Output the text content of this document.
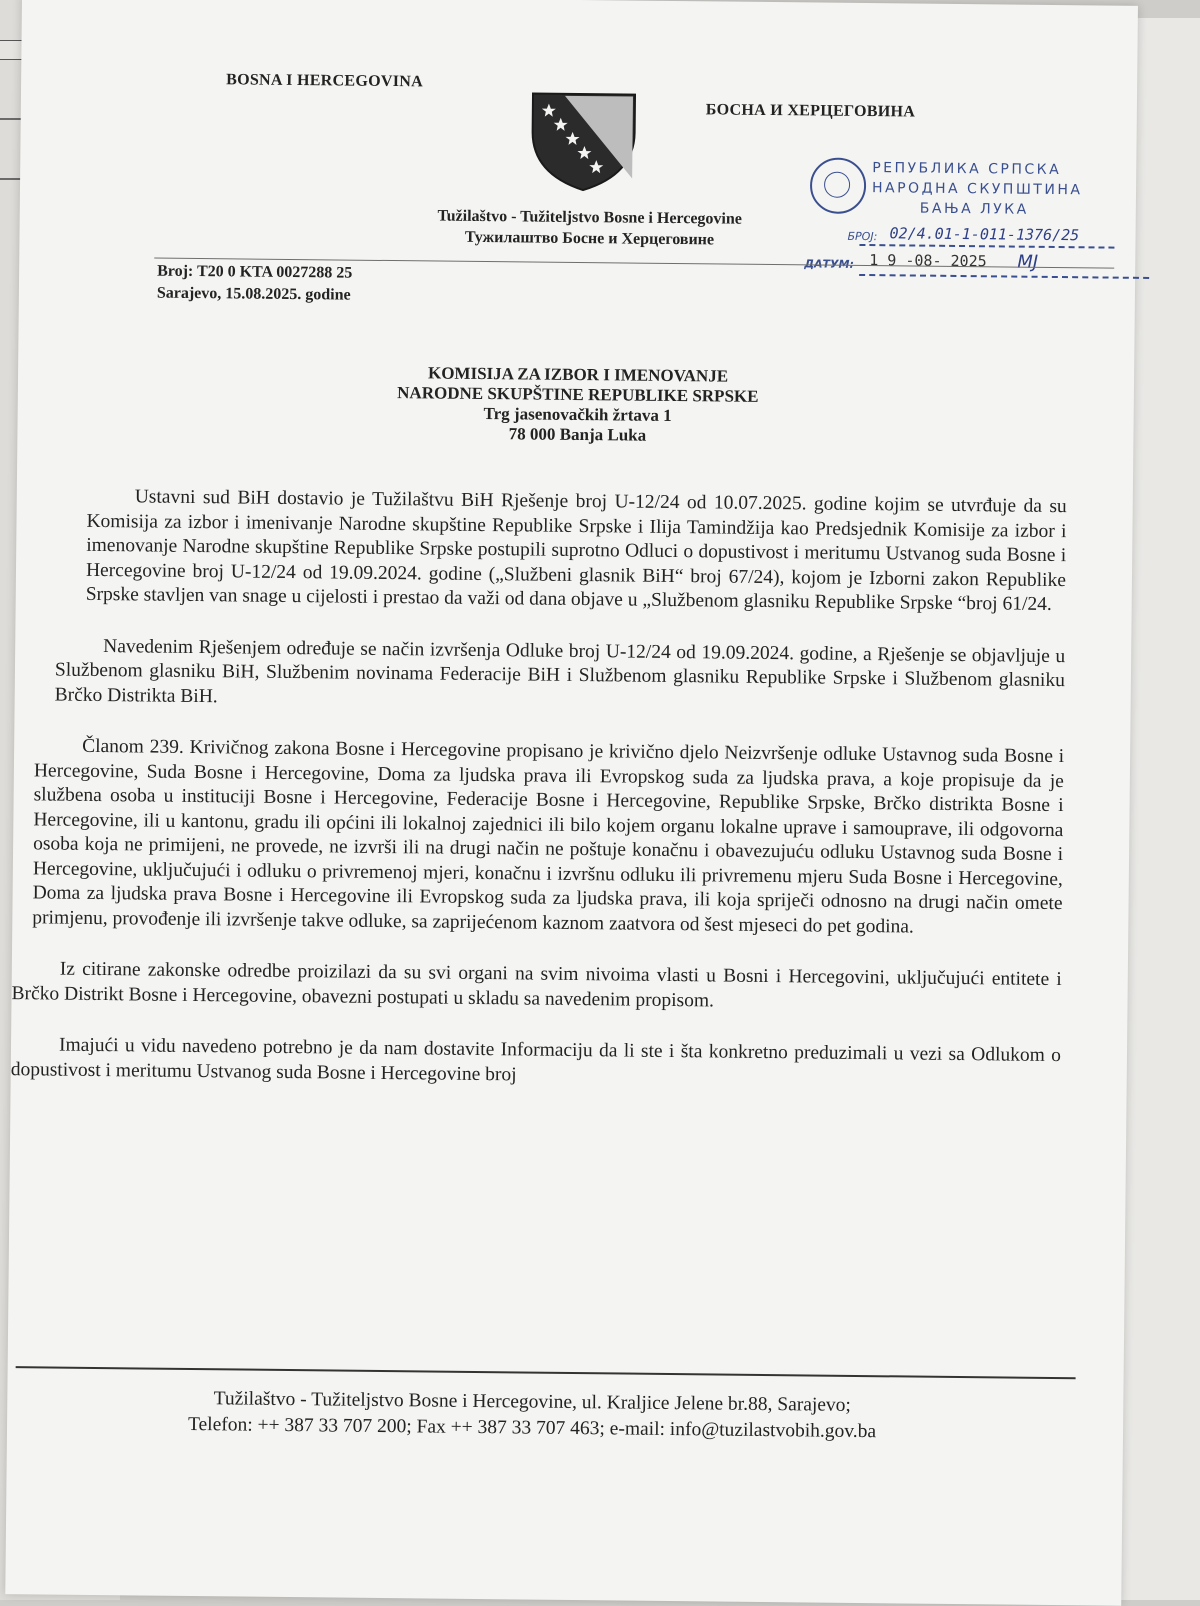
BOSNA I HERCEGOVINA
БОСНА И ХЕРЦЕГОВИНА
РЕПУБЛИКА СРПСКА
НАРОДНА СКУПШТИНА
БАЊА ЛУКА
БРОЈ: 02/4.01-1-011-1376/25
1 9 -08- 2025 МЈ
Tužilaštvo - Tužiteljstvo Bosne i Hercegovine
Тужилаштво Босне и Херцеговине
Broj: T20 0 KTA 0027288 25
Sarajevo, 15.08.2025. godine
KOMISIJA ZA IZBOR I IMENOVANJE
NARODNE SKUPŠTINE REPUBLIKE SRPSKE
Trg jasenovačkih žrtava 1
78 000 Banja Luka

Ustavni sud BiH dostavio je Tužilaštvu BiH Rješenje broj U-12/24 od 10.07.2025. godine kojim se utvrđuje da su Komisija za izbor i imenivanje Narodne skupštine Republike Srpske i Ilija Tamindžija kao Predsjednik Komisije za izbor i imenovanje Narodne skupštine Republike Srpske postupili suprotno Odluci o dopustivost i meritumu Ustvanog suda Bosne i Hercegovine broj U-12/24 od 19.09.2024. godine („Službeni glasnik BiH“ broj 67/24), kojom je Izborni zakon Republike Srpske stavljen van snage u cijelosti i prestao da važi od dana objave u „Službenom glasniku Republike Srpske “broj 61/24.

Navedenim Rješenjem određuje se način izvršenja Odluke broj U-12/24 od 19.09.2024. godine, a Rješenje se objavljuje u Službenom glasniku BiH, Službenim novinama Federacije BiH i Službenom glasniku Republike Srpske i Službenom glasniku Brčko Distrikta BiH.

Članom 239. Krivičnog zakona Bosne i Hercegovine propisano je krivično djelo Neizvršenje odluke Ustavnog suda Bosne i Hercegovine, Suda Bosne i Hercegovine, Doma za ljudska prava ili Evropskog suda za ljudska prava, a koje propisuje da je službena osoba u instituciji Bosne i Hercegovine, Federacije Bosne i Hercegovine, Republike Srpske, Brčko distrikta Bosne i Hercegovine, ili u kantonu, gradu ili općini ili lokalnoj zajednici ili bilo kojem organu lokalne uprave i samouprave, ili odgovorna osoba koja ne primijeni, ne provede, ne izvrši ili na drugi način ne poštuje konačnu i obavezujuću odluku Ustavnog suda Bosne i Hercegovine, uključujući i odluku o privremenoj mjeri, konačnu i izvršnu odluku ili privremenu mjeru Suda Bosne i Hercegovine, Doma za ljudska prava Bosne i Hercegovine ili Evropskog suda za ljudska prava, ili koja spriječi odnosno na drugi način omete primjenu, provođenje ili izvršenje takve odluke, sa zaprijećenom kaznom zaatvora od šest mjeseci do pet godina.

Iz citirane zakonske odredbe proizilazi da su svi organi na svim nivoima vlasti u Bosni i Hercegovini, uključujući entitete i Brčko Distrikt Bosne i Hercegovine, obavezni postupati u skladu sa navedenim propisom.

Imajući u vidu navedeno potrebno je da nam dostavite Informaciju da li ste i šta konkretno preduzimali u vezi sa Odlukom o dopustivost i meritumu Ustvanog suda Bosne i Hercegovine broj

Tužilaštvo - Tužiteljstvo Bosne i Hercegovine, ul. Kraljice Jelene br.88, Sarajevo;
Telefon: ++ 387 33 707 200; Fax ++ 387 33 707 463; e-mail: info@tuzilastvobih.gov.ba
